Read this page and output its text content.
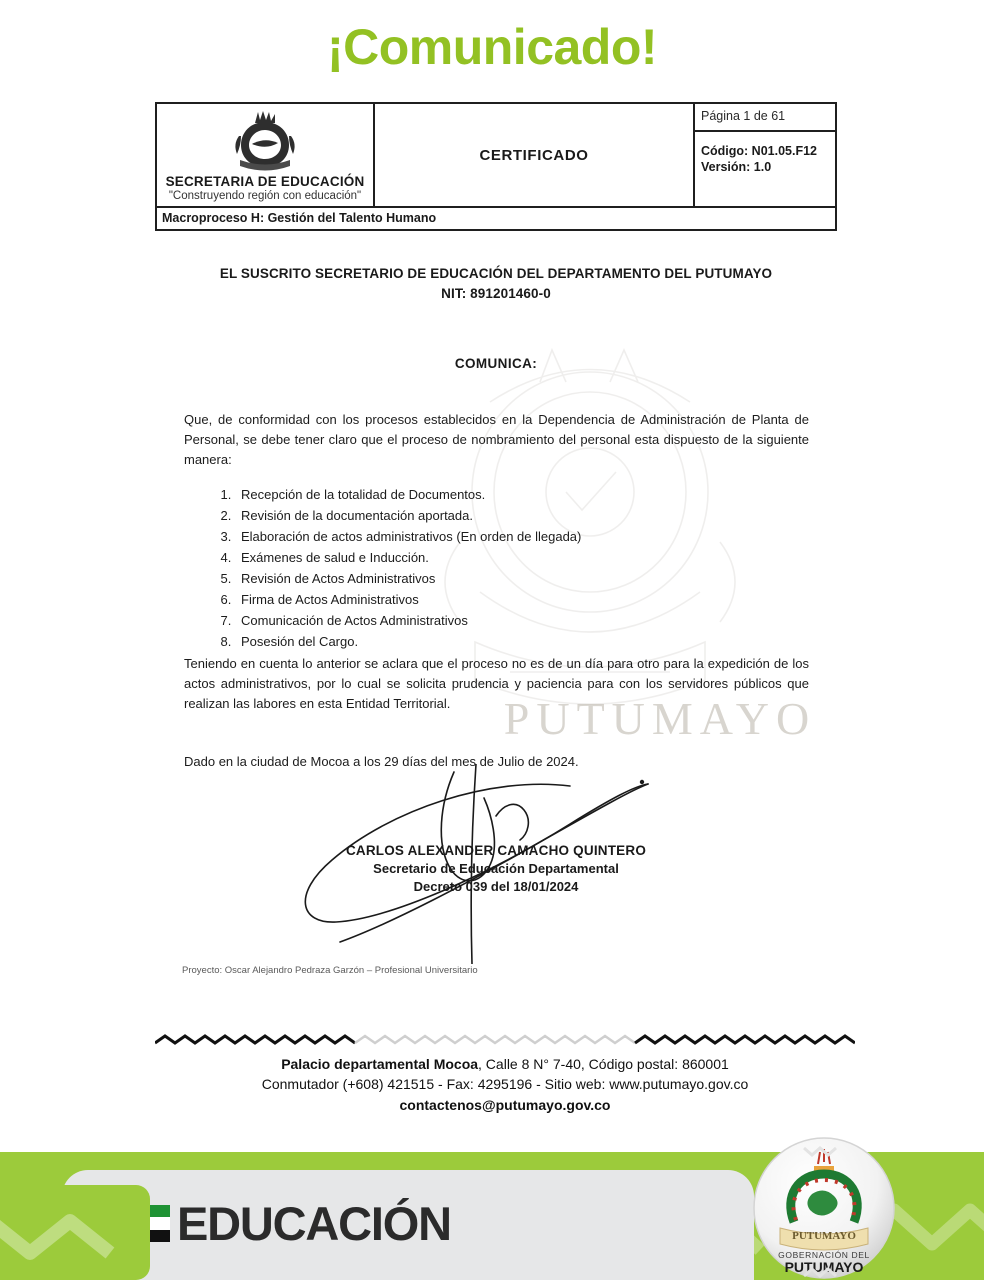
¡Comunicado!
PUTUMAYO
SECRETARIA DE EDUCACIÓN
"Construyendo región con educación"
CERTIFICADO
Página 1 de 61
Código: N01.05.F12
Versión: 1.0
Macroproceso H: Gestión del Talento Humano
EL SUSCRITO SECRETARIO DE EDUCACIÓN DEL DEPARTAMENTO DEL PUTUMAYO
NIT: 891201460-0
COMUNICA:
Que, de conformidad con los procesos establecidos en la Dependencia de Administración de Planta de Personal, se debe tener claro que el proceso de nombramiento del personal esta dispuesto de la siguiente manera:
1. Recepción de la totalidad de Documentos.
2. Revisión de la documentación aportada.
3. Elaboración de actos administrativos (En orden de llegada)
4. Exámenes de salud e Inducción.
5. Revisión de Actos Administrativos
6. Firma de Actos Administrativos
7. Comunicación de Actos Administrativos
8. Posesión del Cargo.
Teniendo en cuenta lo anterior se aclara que el proceso no es de un día para otro para la expedición de los actos administrativos, por lo cual se solicita prudencia y paciencia para con los servidores públicos que realizan las labores en esta Entidad Territorial.
Dado en la ciudad de Mocoa a los 29 días del mes de Julio de 2024.
CARLOS ALEXANDER CAMACHO QUINTERO
Secretario de Educación Departamental
Decreto 039 del 18/01/2024
Proyecto: Oscar Alejandro Pedraza Garzón – Profesional Universitario
Palacio departamental Mocoa, Calle 8 N° 7-40, Código postal: 860001
Conmutador (+608) 421515 - Fax: 4295196 - Sitio web: www.putumayo.gov.co
contactenos@putumayo.gov.co
EDUCACIÓN	PUTUMAYO
GOBERNACIÓN DEL
PUTUMAYO
